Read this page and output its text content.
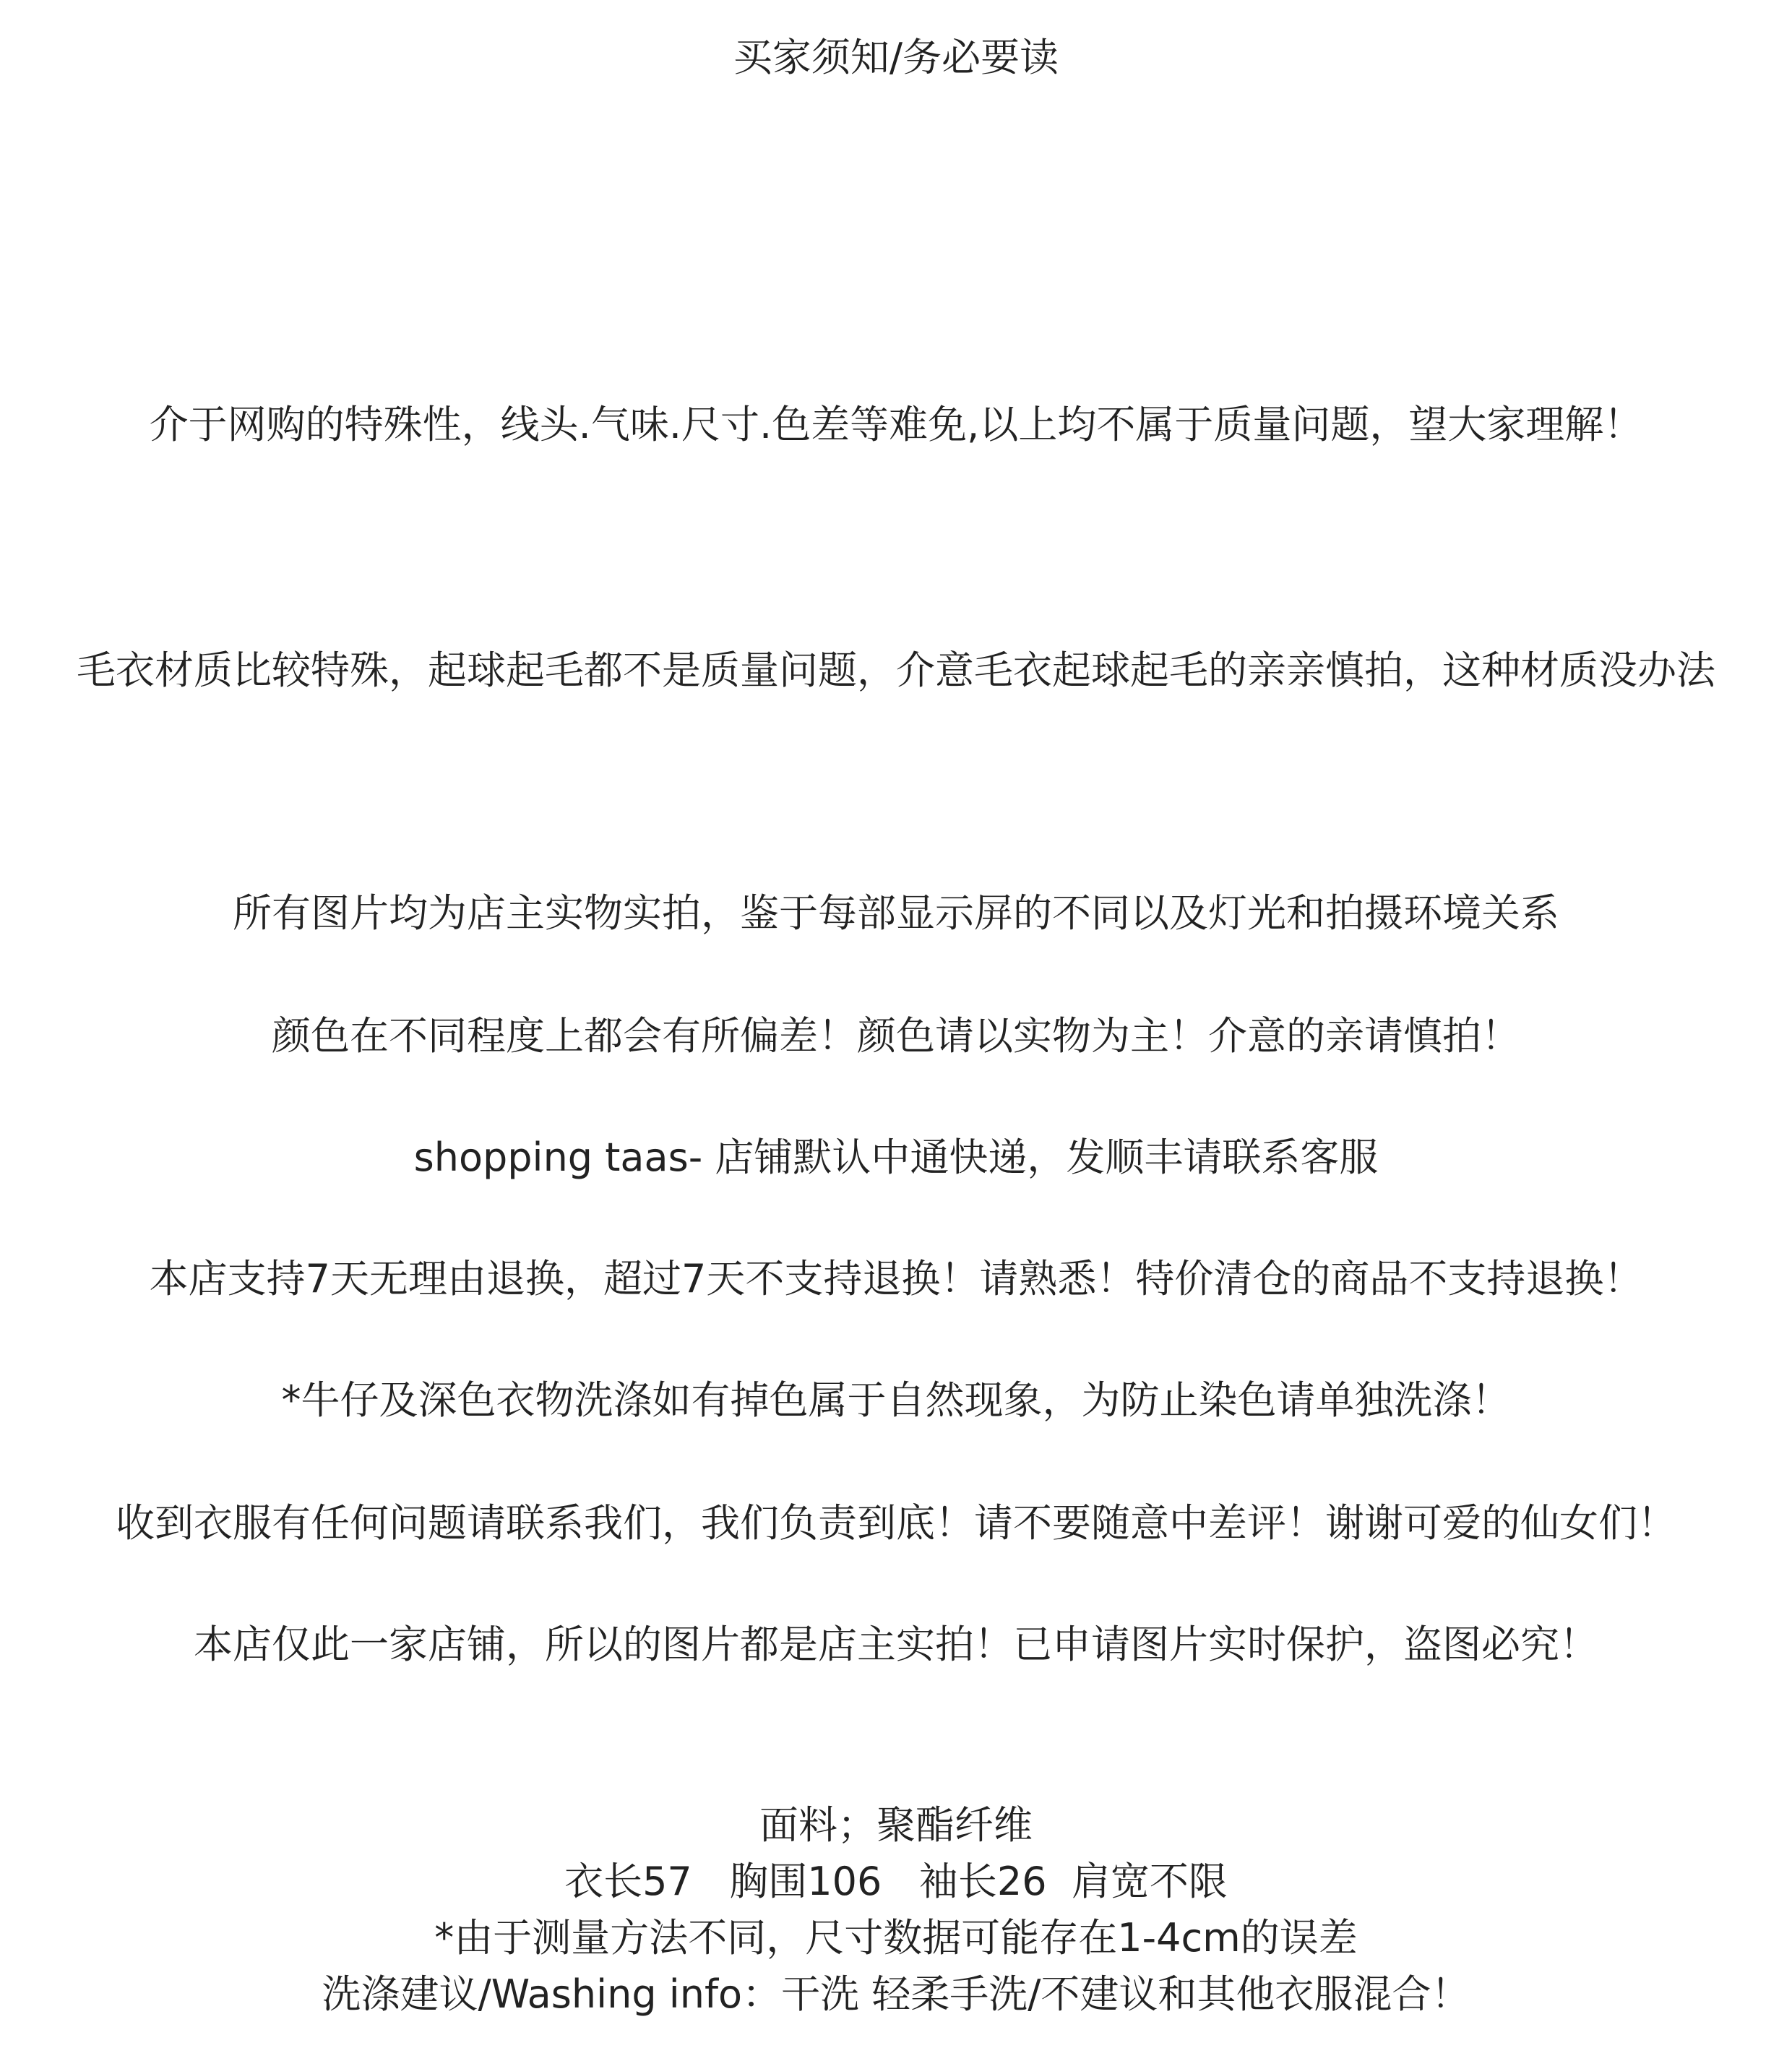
买家须知/务必要读
介于网购的特殊性，线头.气味.尺寸.色差等难免,以上均不属于质量问题，望大家理解！
毛衣材质比较特殊，起球起毛都不是质量问题，介意毛衣起球起毛的亲亲慎拍，这种材质没办法
所有图片均为店主实物实拍，鉴于每部显示屏的不同以及灯光和拍摄环境关系
颜色在不同程度上都会有所偏差！颜色请以实物为主！介意的亲请慎拍！
shopping taas- 店铺默认中通快递，发顺丰请联系客服
本店支持7天无理由退换，超过7天不支持退换！请熟悉！特价清仓的商品不支持退换！
*牛仔及深色衣物洗涤如有掉色属于自然现象，为防止染色请单独洗涤！
收到衣服有任何问题请联系我们，我们负责到底！请不要随意中差评！谢谢可爱的仙女们！
本店仅此一家店铺，所以的图片都是店主实拍！已申请图片实时保护，盗图必究！
面料；聚酯纤维
衣长57   胸围106   袖长26  肩宽不限
*由于测量方法不同，尺寸数据可能存在1-4cm的误差
洗涤建议/Washing info：干洗 轻柔手洗/不建议和其他衣服混合！
